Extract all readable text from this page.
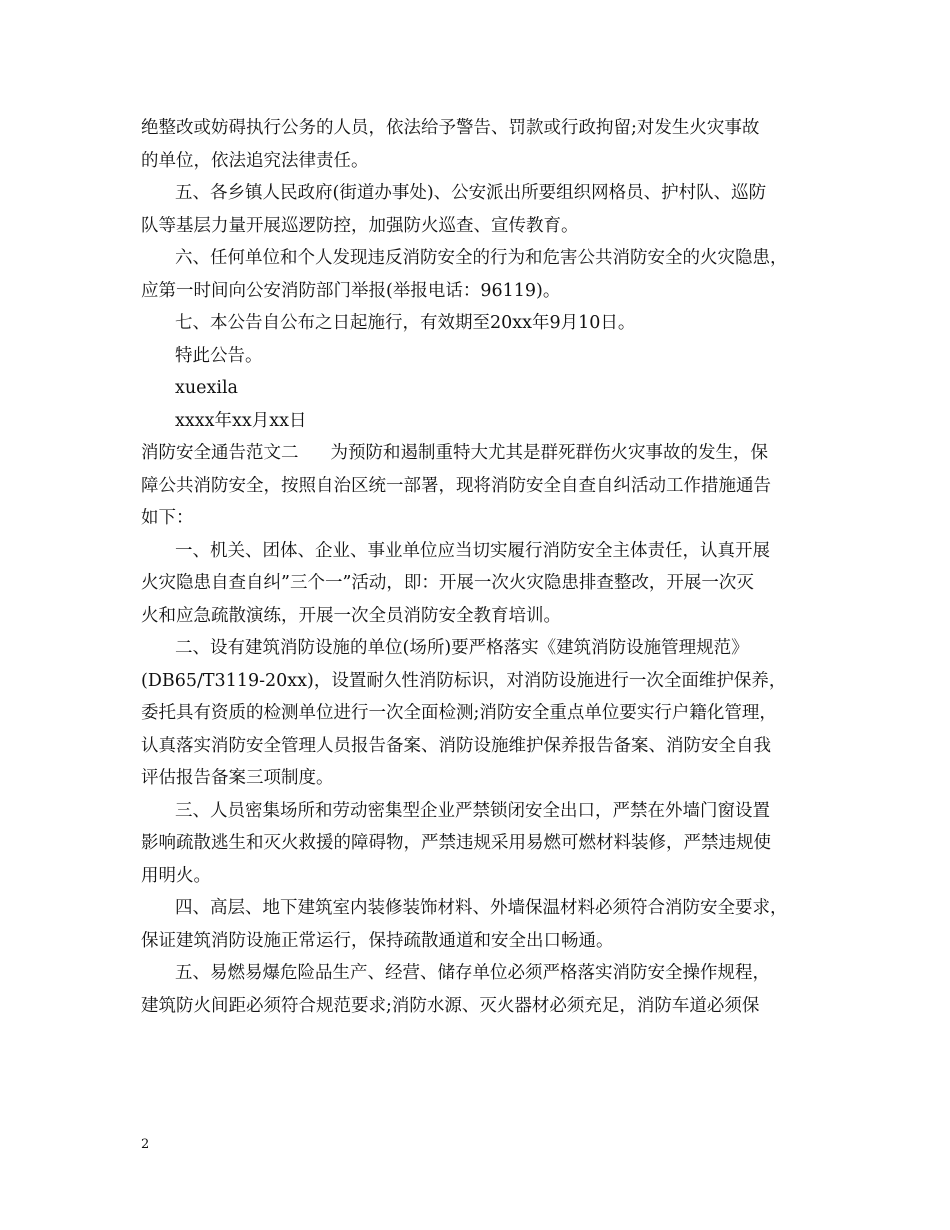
绝整改或妨碍执行公务的人员，依法给予警告、罚款或行政拘留;对发生火灾事故
的单位，依法追究法律责任。
五、各乡镇人民政府(街道办事处)、公安派出所要组织网格员、护村队、巡防
队等基层力量开展巡逻防控，加强防火巡查、宣传教育。
六、任何单位和个人发现违反消防安全的行为和危害公共消防安全的火灾隐患，
应第一时间向公安消防部门举报(举报电话：96119)。
七、本公告自公布之日起施行，有效期至20xx年9月10日。
特此公告。
xuexila
xxxx年xx月xx日
消防安全通告范文二 为预防和遏制重特大尤其是群死群伤火灾事故的发生，保
障公共消防安全，按照自治区统一部署，现将消防安全自查自纠活动工作措施通告
如下：
一、机关、团体、企业、事业单位应当切实履行消防安全主体责任，认真开展
火灾隐患自查自纠”三个一”活动，即：开展一次火灾隐患排查整改，开展一次灭
火和应急疏散演练，开展一次全员消防安全教育培训。
二、设有建筑消防设施的单位(场所)要严格落实《建筑消防设施管理规范》
(DB65/T3119-20xx)，设置耐久性消防标识，对消防设施进行一次全面维护保养，
委托具有资质的检测单位进行一次全面检测;消防安全重点单位要实行户籍化管理，
认真落实消防安全管理人员报告备案、消防设施维护保养报告备案、消防安全自我
评估报告备案三项制度。
三、人员密集场所和劳动密集型企业严禁锁闭安全出口，严禁在外墙门窗设置
影响疏散逃生和灭火救援的障碍物，严禁违规采用易燃可燃材料装修，严禁违规使
用明火。
四、高层、地下建筑室内装修装饰材料、外墙保温材料必须符合消防安全要求，
保证建筑消防设施正常运行，保持疏散通道和安全出口畅通。
五、易燃易爆危险品生产、经营、储存单位必须严格落实消防安全操作规程，
建筑防火间距必须符合规范要求;消防水源、灭火器材必须充足，消防车道必须保
2
